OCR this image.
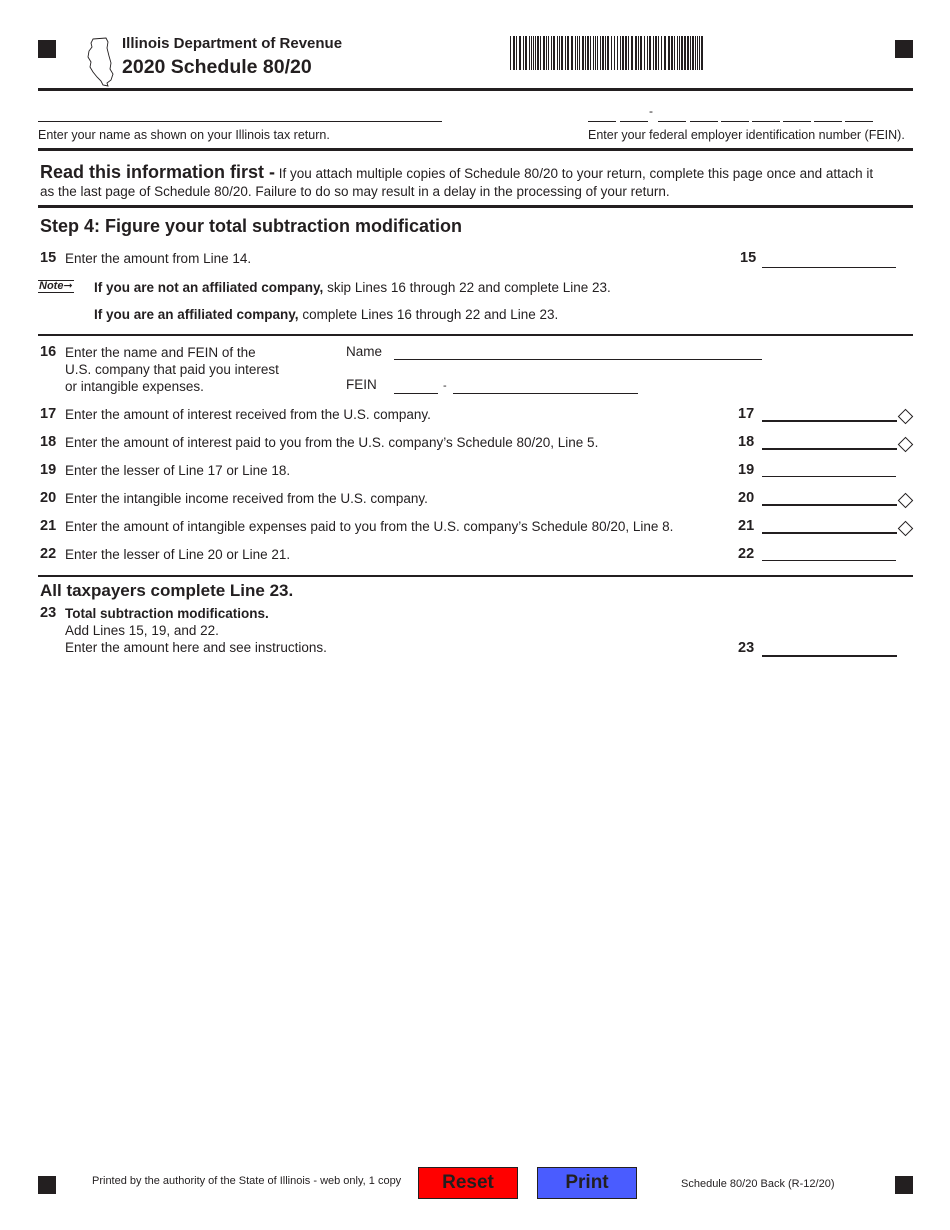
Illinois Department of Revenue
2020 Schedule 80/20
Enter your name as shown on your Illinois tax return.
-
Enter your federal employer identification number (FEIN).
Read this information first - If you attach multiple copies of Schedule 80/20 to your return, complete this page once and attach it
as the last page of Schedule 80/20. Failure to do so may result in a delay in the processing of your return.
Step 4: Figure your total subtraction modification
15 Enter the amount from Line 14.	15
Note➞ If you are not an affiliated company, skip Lines 16 through 22 and complete Line 23.
If you are an affiliated company, complete Lines 16 through 22 and Line 23.
16 Enter the name and FEIN of the
U.S. company that paid you interest
or intangible expenses.
Name
FEIN	-
17 Enter the amount of interest received from the U.S. company.	17
18 Enter the amount of interest paid to you from the U.S. company’s Schedule 80/20, Line 5.	18
19 Enter the lesser of Line 17 or Line 18.	19
20 Enter the intangible income received from the U.S. company.	20
21 Enter the amount of intangible expenses paid to you from the U.S. company’s Schedule 80/20, Line 8.	21
22 Enter the lesser of Line 20 or Line 21.	22
All taxpayers complete Line 23.
23 Total subtraction modifications.
Add Lines 15, 19, and 22.
Enter the amount here and see instructions.	23
Printed by the authority of the State of Illinois - web only, 1 copy	Reset	Print	Schedule 80/20 Back (R-12/20)
